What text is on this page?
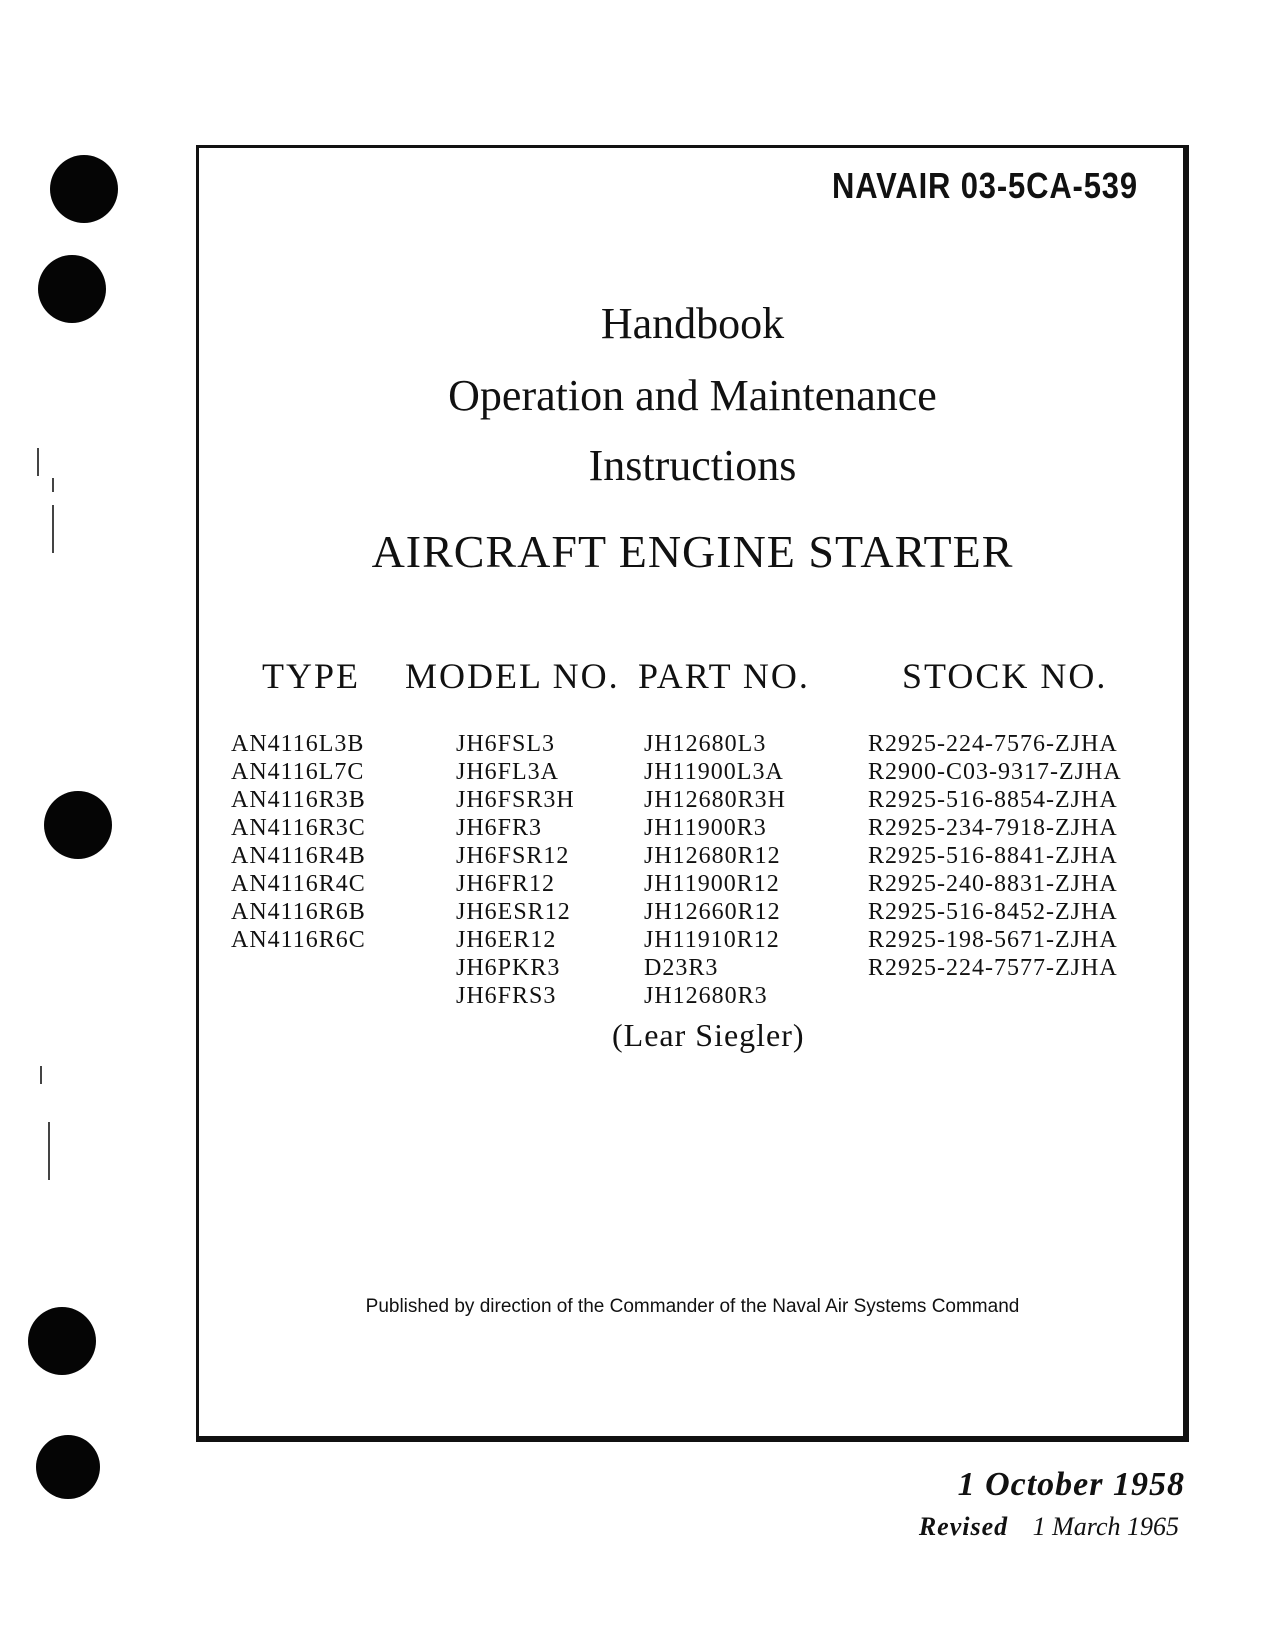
NAVAIR 03-5CA-539
Handbook
Operation and Maintenance
Instructions
AIRCRAFT ENGINE STARTER
TYPE MODEL NO. PART NO.	STOCK NO.
AN4116L3B
AN4116L7C
AN4116R3B
AN4116R3C
AN4116R4B
AN4116R4C
AN4116R6B
AN4116R6C
JH6FSL3
JH6FL3A
JH6FSR3H
JH6FR3
JH6FSR12
JH6FR12
JH6ESR12
JH6ER12
JH6PKR3
JH6FRS3
JH12680L3
JH11900L3A
JH12680R3H
JH11900R3
JH12680R12
JH11900R12
JH12660R12
JH11910R12
D23R3
JH12680R3
R2925-224-7576-ZJHA
R2900-C03-9317-ZJHA
R2925-516-8854-ZJHA
R2925-234-7918-ZJHA
R2925-516-8841-ZJHA
R2925-240-8831-ZJHA
R2925-516-8452-ZJHA
R2925-198-5671-ZJHA
R2925-224-7577-ZJHA
(Lear Siegler)
Published by direction of the Commander of the Naval Air Systems Command
1 October 1958
Revised 1 March 1965
